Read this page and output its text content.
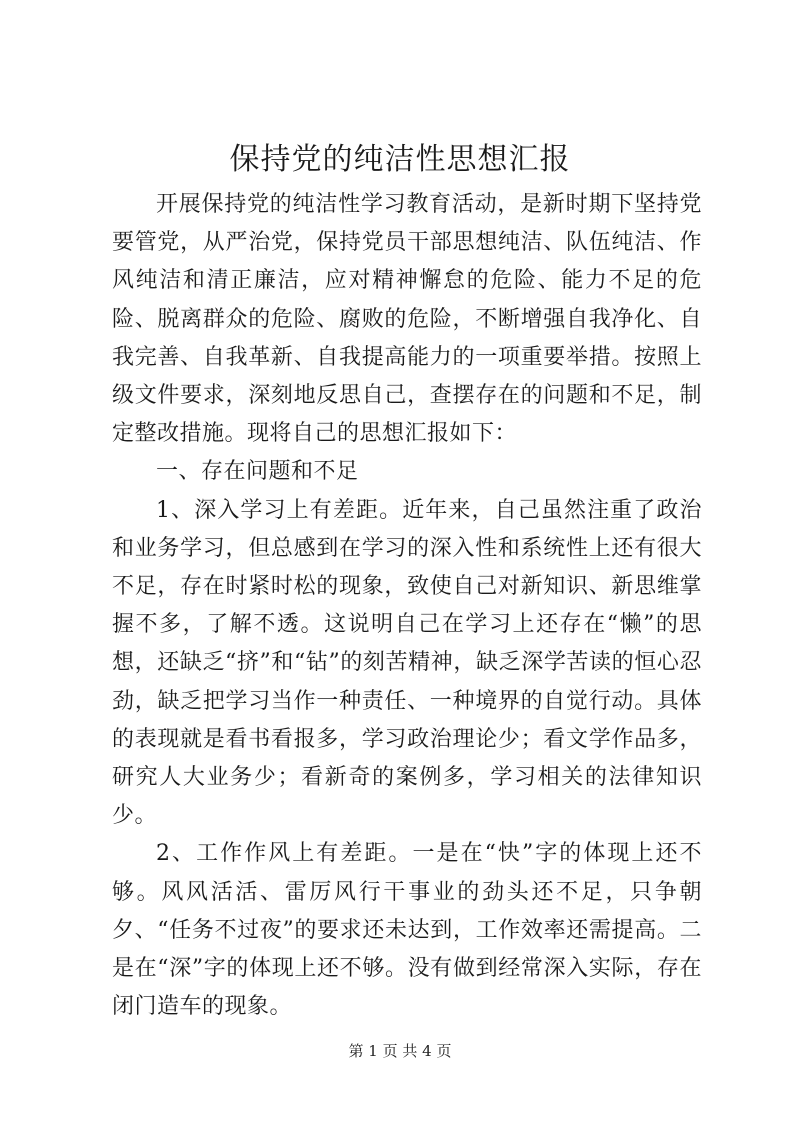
保持党的纯洁性思想汇报

开展保持党的纯洁性学习教育活动，是新时期下坚持党要管党，从严治党，保持党员干部思想纯洁、队伍纯洁、作风纯洁和清正廉洁，应对精神懈怠的危险、能力不足的危险、脱离群众的危险、腐败的危险，不断增强自我净化、自我完善、自我革新、自我提高能力的一项重要举措。按照上级文件要求，深刻地反思自己，查摆存在的问题和不足，制定整改措施。现将自己的思想汇报如下：

一、存在问题和不足

1、深入学习上有差距。近年来，自己虽然注重了政治和业务学习，但总感到在学习的深入性和系统性上还有很大不足，存在时紧时松的现象，致使自己对新知识、新思维掌握不多，了解不透。这说明自己在学习上还存在“懒”的思想，还缺乏“挤”和“钻”的刻苦精神，缺乏深学苦读的恒心忍劲，缺乏把学习当作一种责任、一种境界的自觉行动。具体的表现就是看书看报多，学习政治理论少；看文学作品多，研究人大业务少；看新奇的案例多，学习相关的法律知识少。

2、工作作风上有差距。一是在“快”字的体现上还不够。风风活活、雷厉风行干事业的劲头还不足，只争朝夕、“任务不过夜”的要求还未达到，工作效率还需提高。二是在“深”字的体现上还不够。没有做到经常深入实际，存在闭门造车的现象。

第 1 页 共 4 页
